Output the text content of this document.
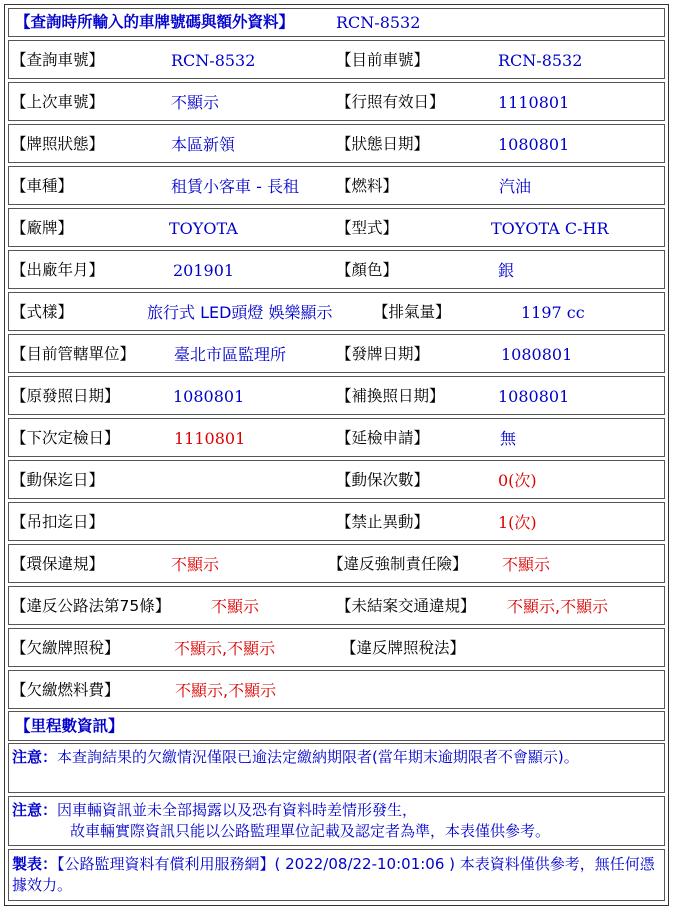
【查詢時所輸入的車牌號碼與額外資料】	RCN-8532
【查詢車號】	RCN-8532	【目前車號】	RCN-8532
【上次車號】	不顯示	【行照有效日】	1110801
【牌照狀態】	本區新領	【狀態日期】	1080801
【車種】	租賃小客車 - 長租 【燃料】	汽油
【廠牌】	TOYOTA	【型式】	TOYOTA C-HR
【出廠年月】	201901	【顏色】	銀
【式樣】	旅行式 LED頭燈 娛樂顯示	【排氣量】	1197 cc
【目前管轄單位】 臺北市區監理所	【發牌日期】	1080801
【原發照日期】	1080801	【補換照日期】	1080801
【下次定檢日】	1110801	【延檢申請】	無
【動保迄日】	【動保次數】	0(次)
【吊扣迄日】	【禁止異動】	1(次)
【環保違規】	不顯示	【違反強制責任險】 不顯示
【違反公路法第75條】	不顯示	【未結案交通違規】 不顯示,不顯示
【欠繳牌照稅】	不顯示,不顯示	【違反牌照稅法】
【欠繳燃料費】	不顯示,不顯示
【里程數資訊】
注意：本查詢結果的欠繳情況僅限已逾法定繳納期限者(當年期末逾期限者不會顯示)。
注意：因車輛資訊並未全部揭露以及恐有資料時差情形發生，
故車輛實際資訊只能以公路監理單位記載及認定者為準，本表僅供參考。
製表：【公路監理資料有償利用服務網】( 2022/08/22-10:01:06 ) 本表資料僅供參考，無任何憑據效力。
